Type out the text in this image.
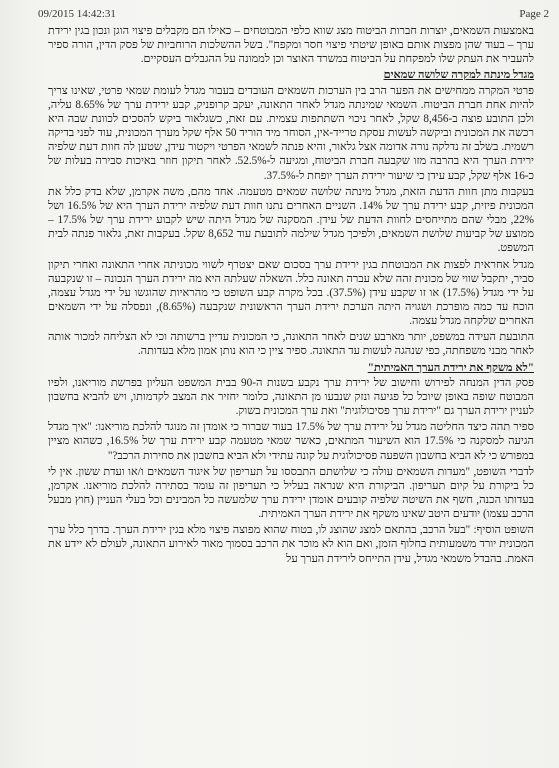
09/2015 14:42:31	Page 2

באמצעות השמאים, יוצרות חברות הביטוח מצג שווא כלפי המבוטחים – כאילו הם מקבלים פיצוי הוגן ונכון בגין ירידת ערך – בעוד שהן מפצות אותם באופן שיטתי פיצוי חסר ומקפח". בשל ההשלכות הרוחביות של פסק הדין, הורה ספיר להעביר את העתק שלו למפקחת על הביטוח במשרד האוצר וכן לממונה על ההגבלים העסקיים.

מגדל מינתה למקרה שלושה שמאים

פרטי המקרה ממחישים את הפער הרב בין הערכות השמאים העובדים בעבור מגדל לעומת שמאי פרטי, שאינו צריך להיות אחת חברת הביטוח. השמאי שמינתה מגדל לאחר התאונה, יעקב קרופניק, קבע ירידת ערך של 8.65% עליה, ולכן התובע פוצה ב-8,456 שקל, לאחר ניכוי השתתפות עצמית. עם זאת, כשגלאור ביקש להסכים לכוונת שבה היא רכשה את המכונית וביקשה לעשות עסקת טרייד-אין, הסוחר מיד הוריד 50 אלף שקל מערך המכונית, עוד לפני בדיקה רשמית. בשלב זה נדלקה נורה אדומה אצל גלאור, והיא פנתה לשמאי הפרטי ויקטור עידן, שטען לה חוות דעת שלפיה ירידת הערך היא בהרבה מזו שקבעה חברת הביטוח, ומגיעה ל-52.5%. לאחר תיקון חוזר באיכות סבירה בעלות של כ-16 אלף שקל, קבע עידן כי שיעור ירידת הערך יופחת ל-37.5%.

בעקבות מתן חוות הדעת הזאת, מגדל מינתה שלושה שמאים מטעמה. אחד מהם, משה אקרמן, שלא בדק כלל את המכונית פיזית, קבע ירידת ערך של 14%. השניים האחרים נתנו חוות דעת שלפיה ירידת הערך היא של 16.5% ושל 22%, מבלי שהם מתייחסים לחוות הדעת של עידן. המסקנה של מגדל היתה שיש לקבוע ירידת ערך של 17.5% – ממוצע של קביעות שלושת השמאים, ולפיכך מגדל שילמה לתובעת עוד 8,652 שקל. בעקבות זאת, גלאור פנתה לבית המשפט.

מגדל אחראית לפצות את המבוטחת בגין ירידת ערך בסכום שאם יצטרף לשווי מכוניתה אחרי התאונה ואחרי תיקון סביר, יתקבל שווי של מכונית זהה שלא עברה תאונה כלל. השאלה שעלתה היא מה ירידת הערך הנכונה – זו שנקבעה על ידי מגדל (17.5%) או זו שקבע עידן (37.5%). בכל מקרה קבע השופט כי מהראיות שהוגשו על ידי מגדל עצמה, הוכח עד כמה מופרכת ושגויה היתה הערכת ירידת הערך הראשונית שנקבעה (8.65%), ונפסלה על ידי השמאים האחרים שלקחה מגדל עצמה.

התובעת העידה במשפט, יותר מארבע שנים לאחר התאונה, כי המכונית עדיין ברשותה וכי לא הצליחה למכור אותה לאחר מבני משפחתה, כפי שנהגה לעשות עד התאונה. ספיר ציין כי הוא נותן אמון מלא בעדותה.

"לא משקף את ירידת הערך האמיתית"

פסק הדין המנחה לפירוש וחישוב של ירידת ערך נקבע בשנות ה-90 בבית המשפט העליון בפרשת מוריאנו, ולפיו המבוטח שופה באופן שיוכל כל פגיעה ונזק שנבעו מן התאונה, כלומר יחזיר את המצב לקדמותו, ויש להביא בחשבון לעניין ירידת הערך גם "ירידת ערך פסיכולוגית" ואת ערך המכונית בשוק.

ספיר תהה כיצד החליטה מגדל על ירידת ערך של 17.5% בעוד שברור כי אומדן זה מנוגד להלכת מוריאנו: "איך מגדל הגיעה למסקנה כי 17.5% הוא השיעור המתאים, כאשר שמאי מטעמה קבע ירידת ערך של 16.5%, כשהוא מציין במפורש כי לא הביא בחשבון השפעה פסיכולוגית על קונה עתידי ולא הביא בחשבון את סחירות הרכב?"

לדברי השופט, "מעדות השמאים עולה כי שלושתם התבססו על תעריפון של איגוד השמאים ו/או ועדת ששון. אין לי כל ביקורת על קיום תעריפון. הביקורת היא שנראה בעליל כי תעריפון זה עומד בסתירה להלכת מוריאנו. אקרמן, בעדותו הכנה, חשף את השיטה שלפיה קובעים אומדן ירידת ערך שלמעשה כל המבינים וכל בעלי העניין (חוץ מבעל הרכב עצמו) יודעים היטב שאינו משקף את ירידת הערך האמיתית.

השופט הוסיף: "בעל הרכב, בהתאם למצג שהוצג לו, בטוח שהוא מפוצה פיצוי מלא בגין ירידת הערך. בדרך כלל ערך המכונית יורד משמעותית בחלוף הזמן, ואם הוא לא מוכר את הרכב בסמוך מאוד לאירוע התאונה, לעולם לא יידע את האמת. בהבדל משמאי מגדל, עידן התייחס לירידת הערך על
